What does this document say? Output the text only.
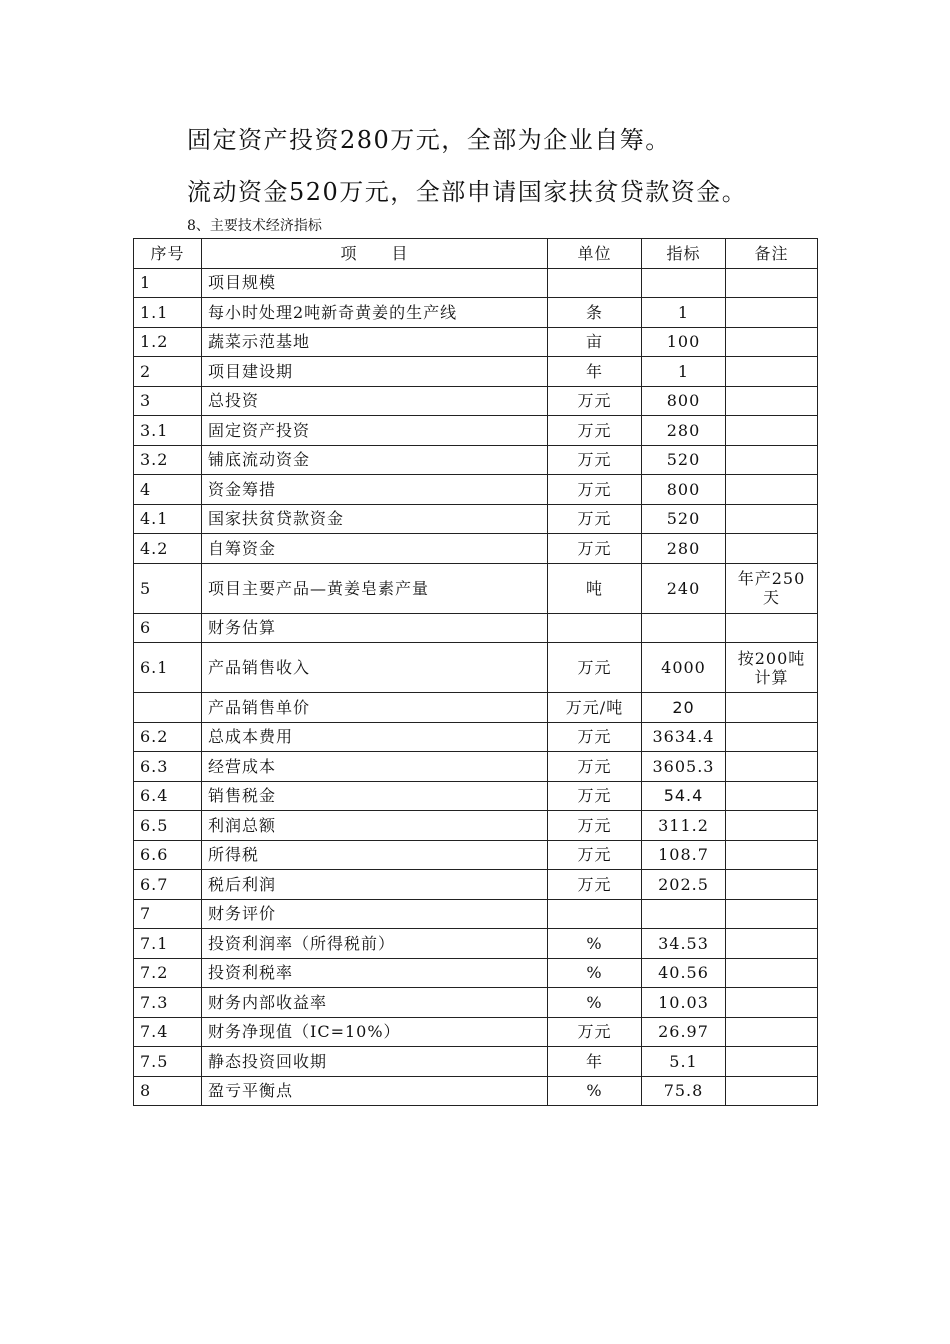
固定资产投资280万元，全部为企业自筹。
流动资金520万元，全部申请国家扶贫贷款资金。
8、主要技术经济指标
序号	项　　目	单位	指标	备注
1	项目规模			
1.1	每小时处理2吨新奇黄姜的生产线	条	1	
1.2	蔬菜示范基地	亩	100	
2	项目建设期	年	1	
3	总投资	万元	800	
3.1	固定资产投资	万元	280	
3.2	铺底流动资金	万元	520	
4	资金筹措	万元	800	
4.1	国家扶贫贷款资金	万元	520	
4.2	自筹资金	万元	280	
5	项目主要产品—黄姜皂素产量	吨	240	年产250天
6	财务估算			
6.1	产品销售收入	万元	4000	按200吨计算
	产品销售单价	万元/吨	20	
6.2	总成本费用	万元	3634.4	
6.3	经营成本	万元	3605.3	
6.4	销售税金	万元	54.4	
6.5	利润总额	万元	311.2	
6.6	所得税	万元	108.7	
6.7	税后利润	万元	202.5	
7	财务评价			
7.1	投资利润率（所得税前）	%	34.53	
7.2	投资利税率	%	40.56	
7.3	财务内部收益率	%	10.03	
7.4	财务净现值（IC=10%）	万元	26.97	
7.5	静态投资回收期	年	5.1	
8	盈亏平衡点	%	75.8	
